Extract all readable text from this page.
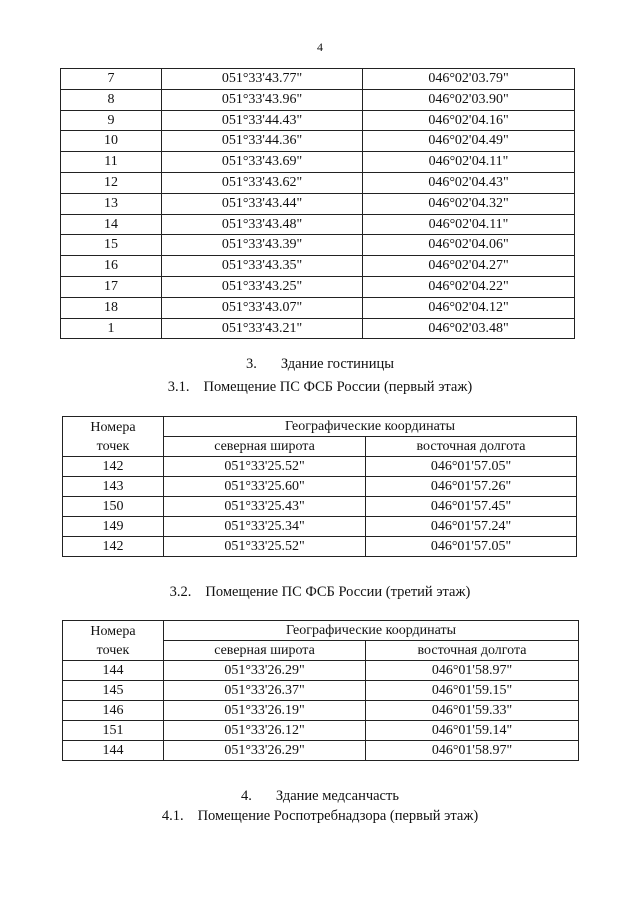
4
7	051°33'43.77"	046°02'03.79"
8	051°33'43.96"	046°02'03.90"
9	051°33'44.43"	046°02'04.16"
10	051°33'44.36"	046°02'04.49"
11	051°33'43.69"	046°02'04.11"
12	051°33'43.62"	046°02'04.43"
13	051°33'43.44"	046°02'04.32"
14	051°33'43.48"	046°02'04.11"
15	051°33'43.39"	046°02'04.06"
16	051°33'43.35"	046°02'04.27"
17	051°33'43.25"	046°02'04.22"
18	051°33'43.07"	046°02'04.12"
1	051°33'43.21"	046°02'03.48"
3. Здание гостиницы
3.1. Помещение ПС ФСБ России (первый этаж)
Номера
точек	Географические координаты	
	северная широта	восточная долгота
142	051°33'25.52"	046°01'57.05"
143	051°33'25.60"	046°01'57.26"
150	051°33'25.43"	046°01'57.45"
149	051°33'25.34"	046°01'57.24"
142	051°33'25.52"	046°01'57.05"
3.2. Помещение ПС ФСБ России (третий этаж)
Номера
точек	Географические координаты	
	северная широта	восточная долгота
144	051°33'26.29"	046°01'58.97"
145	051°33'26.37"	046°01'59.15"
146	051°33'26.19"	046°01'59.33"
151	051°33'26.12"	046°01'59.14"
144	051°33'26.29"	046°01'58.97"
4. Здание медсанчасть
4.1. Помещение Роспотребнадзора (первый этаж)
